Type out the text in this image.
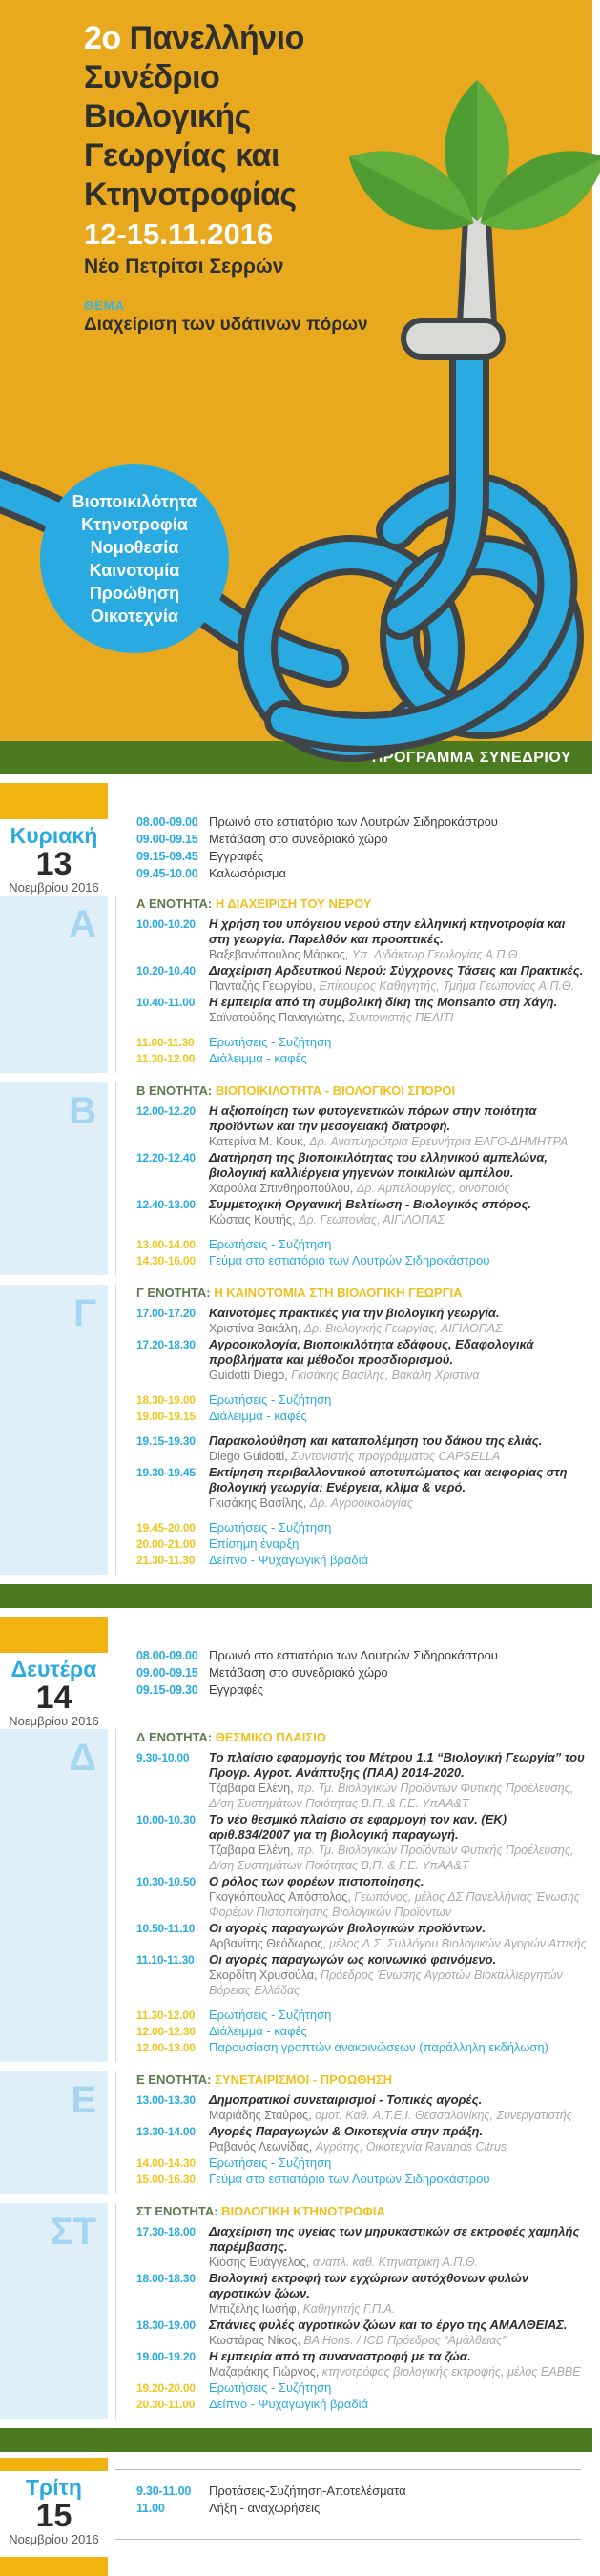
2ο Πανελλήνιο
Συνέδριο
Βιολογικής
Γεωργίας και
Κτηνοτροφίας
12-15.11.2016
Νέο Πετρίτσι Σερρών
ΘΕΜΑ
Διαχείριση των υδάτινων πόρων
Βιοποικιλότητα
Κτηνοτροφία
Νομοθεσία
Καινοτομία
Προώθηση
Οικοτεχνία
ΠΡΟΓΡΑΜΜΑ ΣΥΝΕΔΡΙΟΥ
Κυριακή
13
Νοεμβρίου 2016
08.00-09.00 Πρωινό στο εστιατόριο των Λουτρών Σιδηροκάστρου
09.00-09.15 Μετάβαση στο συνεδριακό χώρο
09.15-09.45 Εγγραφές
09.45-10.00 Καλωσόρισμα
Α	Α ΕΝΟΤΗΤΑ: Η ΔΙΑΧΕΙΡΙΣΗ ΤΟΥ ΝΕΡΟΥ
10.00-10.20	Η χρήση του υπόγειου νερού στην ελληνική κτηνοτροφία και στη γεωργία. Παρελθόν και προοπτικές.
Βαξεβανόπουλος Μάρκος, Υπ. Διδάκτωρ Γεωλογίας Α.Π.Θ.
10.20-10.40	Διαχείριση Αρδευτικού Νερού: Σύγχρονες Τάσεις και Πρακτικές.
Πανταζής Γεωργίου, Επίκουρος Καθηγητής, Τμήμα Γεωπονίας Α.Π.Θ.
10.40-11.00	Η εμπειρία από τη συμβολική δίκη της Monsanto στη Χάγη.
Σαϊνατούδης Παναγιώτης, Συντονιστής ΠΕΛΙΤΙ
11.00-11.30	Ερωτήσεις - Συζήτηση
11.30-12.00	Διάλειμμα - καφές
Β	Β ΕΝΟΤΗΤΑ: ΒΙΟΠΟΙΚΙΛΟΤΗΤΑ - ΒΙΟΛΟΓΙΚΟΙ ΣΠΟΡΟΙ
12.00-12.20	Η αξιοποίηση των φυτογενετικών πόρων στην ποιότητα προϊόντων και την μεσογειακή διατροφή.
Κατερίνα Μ. Κουκ, Δρ. Αναπληρώτρια Ερευνήτρια ΕΛΓΟ-ΔΗΜΗΤΡΑ
12.20-12.40	Διατήρηση της βιοποικιλότητας του ελληνικού αμπελώνα, βιολογική καλλιέργεια γηγενών ποικιλιών αμπέλου.
Χαρούλα Σπινθηροπούλου, Δρ. Αμπελουργίας, οινοποιός
12.40-13.00	Συμμετοχική Οργανική Βελτίωση - Βιολογικός σπόρος.
Κώστας Κουτής, Δρ. Γεωπονίας, ΑΙΓΙΛΟΠΑΣ
13.00-14.00	Ερωτήσεις - Συζήτηση
14.30-16.00	Γεύμα στο εστιατόριο των Λουτρών Σιδηροκάστρου
Γ	Γ ΕΝΟΤΗΤΑ: Η ΚΑΙΝΟΤΟΜΙΑ ΣΤΗ ΒΙΟΛΟΓΙΚΗ ΓΕΩΡΓΙΑ
17.00-17.20	Καινοτόμες πρακτικές για την βιολογική γεωργία.
Χριστίνα Βακάλη, Δρ. Βιολογικής Γεωργίας, ΑΙΓΙΛΟΠΑΣ
17.20-18.30	Αγροοικολογία, Βιοποικιλότητα εδάφους, Εδαφολογικά προβλήματα και μέθοδοι προσδιορισμού.
Guidotti Diego, Γκισάκης Βασίλης, Βακάλη Χριστίνα
18.30-19.00	Ερωτήσεις - Συζήτηση
19.00-19.15	Διάλειμμα - καφές
19.15-19.30	Παρακολούθηση και καταπολέμηση του δάκου της ελιάς.
Diego Guidotti, Συντονιστής προγράμματος CAPSELLA
19.30-19.45	Εκτίμηση περιβαλλοντικού αποτυπώματος και αειφορίας στη βιολογική γεωργία: Ενέργεια, κλίμα & νερό.
Γκισάκης Βασίλης, Δρ. Αγροοικολογίας
19.45-20.00	Ερωτήσεις - Συζήτηση
20.00-21.00	Επίσημη έναρξη
21.30-11.30	Δείπνο - Ψυχαγωγική βραδιά
Δευτέρα
14
Νοεμβρίου 2016
08.00-09.00 Πρωινό στο εστιατόριο των Λουτρών Σιδηροκάστρου
09.00-09.15 Μετάβαση στο συνεδριακό χώρο
09.15-09.30 Εγγραφές
Δ	Δ ΕΝΟΤΗΤΑ: ΘΕΣΜΙΚΟ ΠΛΑΙΣΙΟ
9.30-10.00	Το πλαίσιο εφαρμογής του Μέτρου 1.1 “Βιολογική Γεωργία” του Προγρ. Αγροτ. Ανάπτυξης (ΠΑΑ) 2014-2020.
Τζαβάρα Ελένη, πρ. Τμ. Βιολογικών Προϊόντων Φυτικής Προέλευσης, Δ/ση Συστημάτων Ποιότητας Β.Π. & Γ.Ε. ΥπΑΑ&Τ
10.00-10.30	Το νέο θεσμικό πλαίσιο σε εφαρμογή τον καν. (ΕΚ) αριθ.834/2007 για τη βιολογική παραγωγή.
Τζαβάρα Ελένη, πρ. Τμ. Βιολογικών Προϊόντων Φυτικής Προέλευσης, Δ/ση Συστημάτων Ποιότητας Β.Π. & Γ.Ε. ΥπΑΑ&Τ
10.30-10.50	Ο ρόλος των φορέων πιστοποίησης.
Γκογκόπουλος Απόστολος, Γεωπόνος, μέλος ΔΣ Πανελλήνιας Ένωσης Φορέων Πιστοποίησης Βιολογικών Προϊόντων
10.50-11.10	Οι αγορές παραγωγών βιολογικών προϊόντων.
Αρβανίτης Θεόδωρος, μέλος Δ.Σ. Συλλόγου Βιολογικών Αγορών Αττικής
11.10-11.30	Οι αγορές παραγωγών ως κοινωνικό φαινόμενο.
Σκορδίτη Χρυσούλα, Πρόεδρος Ένωσης Αγροτών Βιοκαλλιεργητών Βόρειας Ελλάδας
11.30-12.00	Ερωτήσεις - Συζήτηση
12.00-12.30	Διάλειμμα - καφές
12.00-13.00	Παρουσίαση γραπτών ανακοινώσεων (παράλληλη εκδήλωση)
Ε	Ε ΕΝΟΤΗΤΑ: ΣΥΝΕΤΑΙΡΙΣΜΟΙ - ΠΡΟΩΘΗΣΗ
13.00-13.30	Δημοπρατικοί συνεταιρισμοί - Τοπικές αγορές.
Μαριάδης Σταύρος, ομοτ. Καθ. Α.Τ.Ε.Ι. Θεσσαλονίκης, Συνεργατιστής
13.30-14.00	Αγορές Παραγωγών & Οικοτεχνία στην πράξη.
Ραβανός Λεωνίδας, Αγρότης, Οικοτεχνία Ravanos Citrus
14.00-14.30	Ερωτήσεις - Συζήτηση
15.00-16.30	Γεύμα στο εστιατόριο των Λουτρών Σιδηροκάστρου
ΣΤ	ΣΤ ΕΝΟΤΗΤΑ: ΒΙΟΛΟΓΙΚΗ ΚΤΗΝΟΤΡΟΦΙΑ
17.30-18.00	Διαχείριση της υγείας των μηρυκαστικών σε εκτροφές χαμηλής παρέμβασης.
Κιόσης Ευάγγελος, αναπλ. καθ. Κτηνιατρική Α.Π.Θ.
18.00-18.30	Βιολογική εκτροφή των εγχώριων αυτόχθονων φυλών αγροτικών ζώων.
Μπιζέλης Ιωσήφ, Καθηγητής Γ.Π.Α.
18.30-19.00	Σπάνιες φυλές αγροτικών ζώων και το έργο της ΑΜΑΛΘΕΙΑΣ.
Κωστάρας Νίκος, BA Hons. / ICD Πρόεδρος “Αμάλθειας”
19.00-19.20	Η εμπειρία από τη συναναστροφή με τα ζώα.
Μαζαράκης Γιώργος, κτηνοτρόφος βιολογικής εκτροφής, μέλος ΕΑΒΒΕ
19.20-20.00	Ερωτήσεις - Συζήτηση
20.30-11.00	Δείπνο - Ψυχαγωγική βραδιά
Τρίτη
15
Νοεμβρίου 2016
9.30-11.00	Προτάσεις-Συζήτηση-Αποτελέσματα
11.00	Λήξη - αναχωρήσεις
